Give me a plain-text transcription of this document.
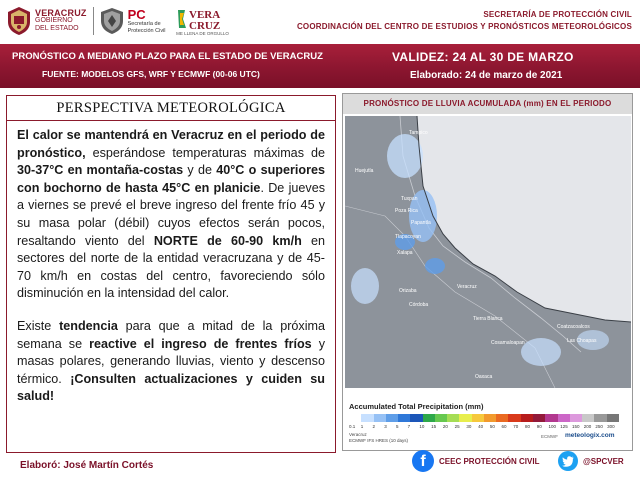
VERACRUZ
GOBIERNO
DEL ESTADO
PC
Secretaría de
Protección Civil
VERA
CRUZ
ME LLENA DE ORGULLO
SECRETARÍA DE PROTECCIÓN CIVIL
COORDINACIÓN DEL CENTRO DE ESTUDIOS Y PRONÓSTICOS METEOROLÓGICOS
PRONÓSTICO A MEDIANO PLAZO PARA EL ESTADO DE VERACRUZ
FUENTE: MODELOS GFS, WRF Y ECMWF (00-06 UTC)
VALIDEZ: 24 AL 30 DE MARZO
Elaborado: 24 de marzo de 2021
PERSPECTIVA METEOROLÓGICA

El calor se mantendrá en Veracruz en el periodo de pronóstico, esperándose temperaturas máximas de 30-37°C en montaña-costas y de 40°C o superiores con bochorno de hasta 45°C en planicie. De jueves a viernes se prevé el breve ingreso del frente frío 45 y su masa polar (débil) cuyos efectos serán pocos, resaltando viento del NORTE de 60-90 km/h en sectores del norte de la entidad veracruzana y de 45-70 km/h en costas del centro, favoreciendo sólo disminución en la intensidad del calor.

Existe tendencia para que a mitad de la próxima semana se reactive el ingreso de frentes fríos y masas polares, generando lluvias, viento y descenso térmico. ¡Consulten actualizaciones y cuiden su salud!

PRONÓSTICO DE LLUVIA ACUMULADA (mm) EN EL PERIODO
Tampico
Huejutla
Tuxpan
Poza Rica
Papantla
Tlapacoyan
Xalapa
Veracruz
Orizaba
Córdoba
Tierra Blanca
Cosamaloapan
Coatzacoalcos
Las Choapas
Oaxaca
Accumulated Total Precipitation (mm)
0.1	1	2	3	5	7	10	15	20	25	30	40	50	60	70	80	90	100 125 150 200 250 300
Veracruz
ECMWF IFS HRES (10 days)
ECMWF meteologix.com
Elaboró: José Martín Cortés	f	CEEC PROTECCIÓN CIVIL	@SPCVER
